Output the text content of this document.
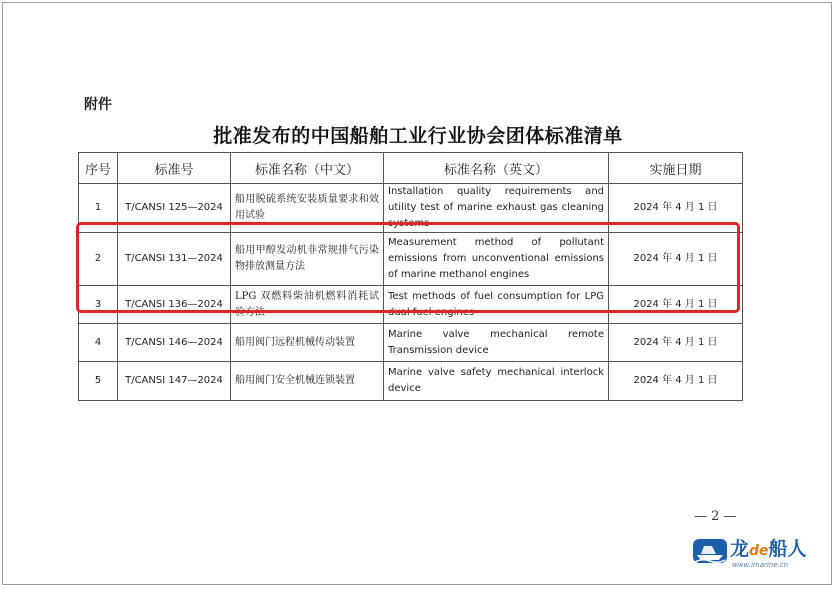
附件
批准发布的中国船舶工业行业协会团体标准清单
序号	标准号	标准名称（中文）	标准名称（英文）	实施日期
1	T/CANSI 125—2024	船用脱硫系统安装质量要求和效用试验	Installation quality requirements and utility test of marine exhaust gas cleaning systems	2024 年 4 月 1 日
2	T/CANSI 131—2024	船用甲醇发动机非常规排气污染物排放测量方法	Measurement method of pollutant emissions from unconventional emissions of marine methanol engines	2024 年 4 月 1 日
3	T/CANSI 136—2024	LPG 双燃料柴油机燃料消耗试验方法	Test methods of fuel consumption for LPG dual fuel engines	2024 年 4 月 1 日
4	T/CANSI 146—2024	船用阀门远程机械传动装置	Marine valve mechanical remote Transmission device	2024 年 4 月 1 日
5	T/CANSI 147—2024	船用阀门安全机械连锁装置	Marine valve safety mechanical interlock device	2024 年 4 月 1 日
— 2 —
龙de船人
www.imarine.cn
